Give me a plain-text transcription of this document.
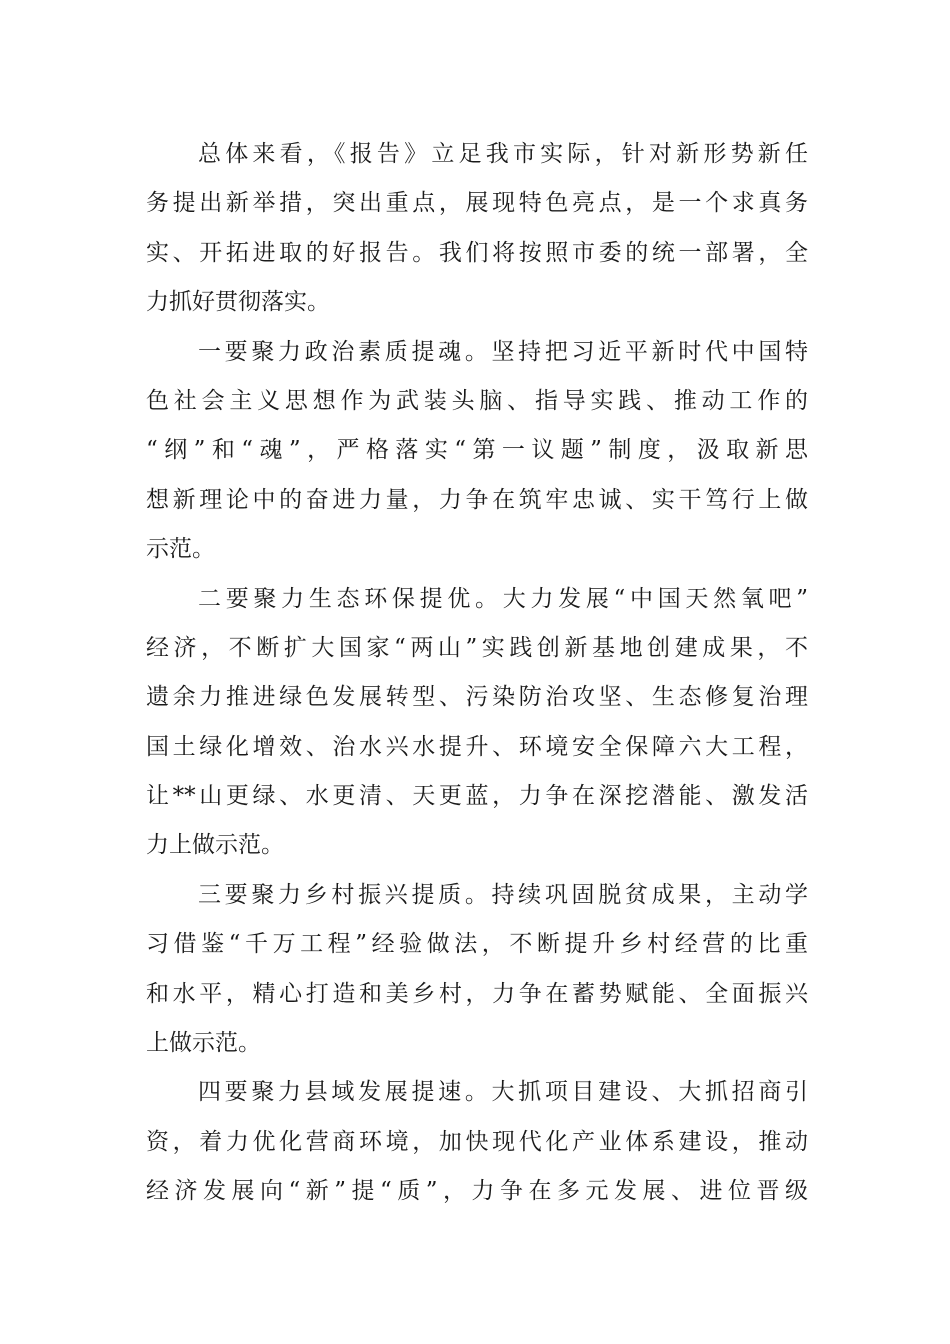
总体来看，《报告》立足我市实际，针对新形势新任
务提出新举措，突出重点，展现特色亮点，是一个求真务
实、开拓进取的好报告。我们将按照市委的统一部署，全
力抓好贯彻落实。
一要聚力政治素质提魂。坚持把习近平新时代中国特
色社会主义思想作为武装头脑、指导实践、推动工作的
“纲”和“魂”，严格落实“第一议题”制度，汲取新思
想新理论中的奋进力量，力争在筑牢忠诚、实干笃行上做
示范。
二要聚力生态环保提优。大力发展“中国天然氧吧”
经济，不断扩大国家“两山”实践创新基地创建成果，不
遗余力推进绿色发展转型、污染防治攻坚、生态修复治理
国土绿化增效、治水兴水提升、环境安全保障六大工程，
让**山更绿、水更清、天更蓝，力争在深挖潜能、激发活
力上做示范。
三要聚力乡村振兴提质。持续巩固脱贫成果，主动学
习借鉴“千万工程”经验做法，不断提升乡村经营的比重
和水平，精心打造和美乡村，力争在蓄势赋能、全面振兴
上做示范。
四要聚力县域发展提速。大抓项目建设、大抓招商引
资，着力优化营商环境，加快现代化产业体系建设，推动
经济发展向“新”提“质”，力争在多元发展、进位晋级
